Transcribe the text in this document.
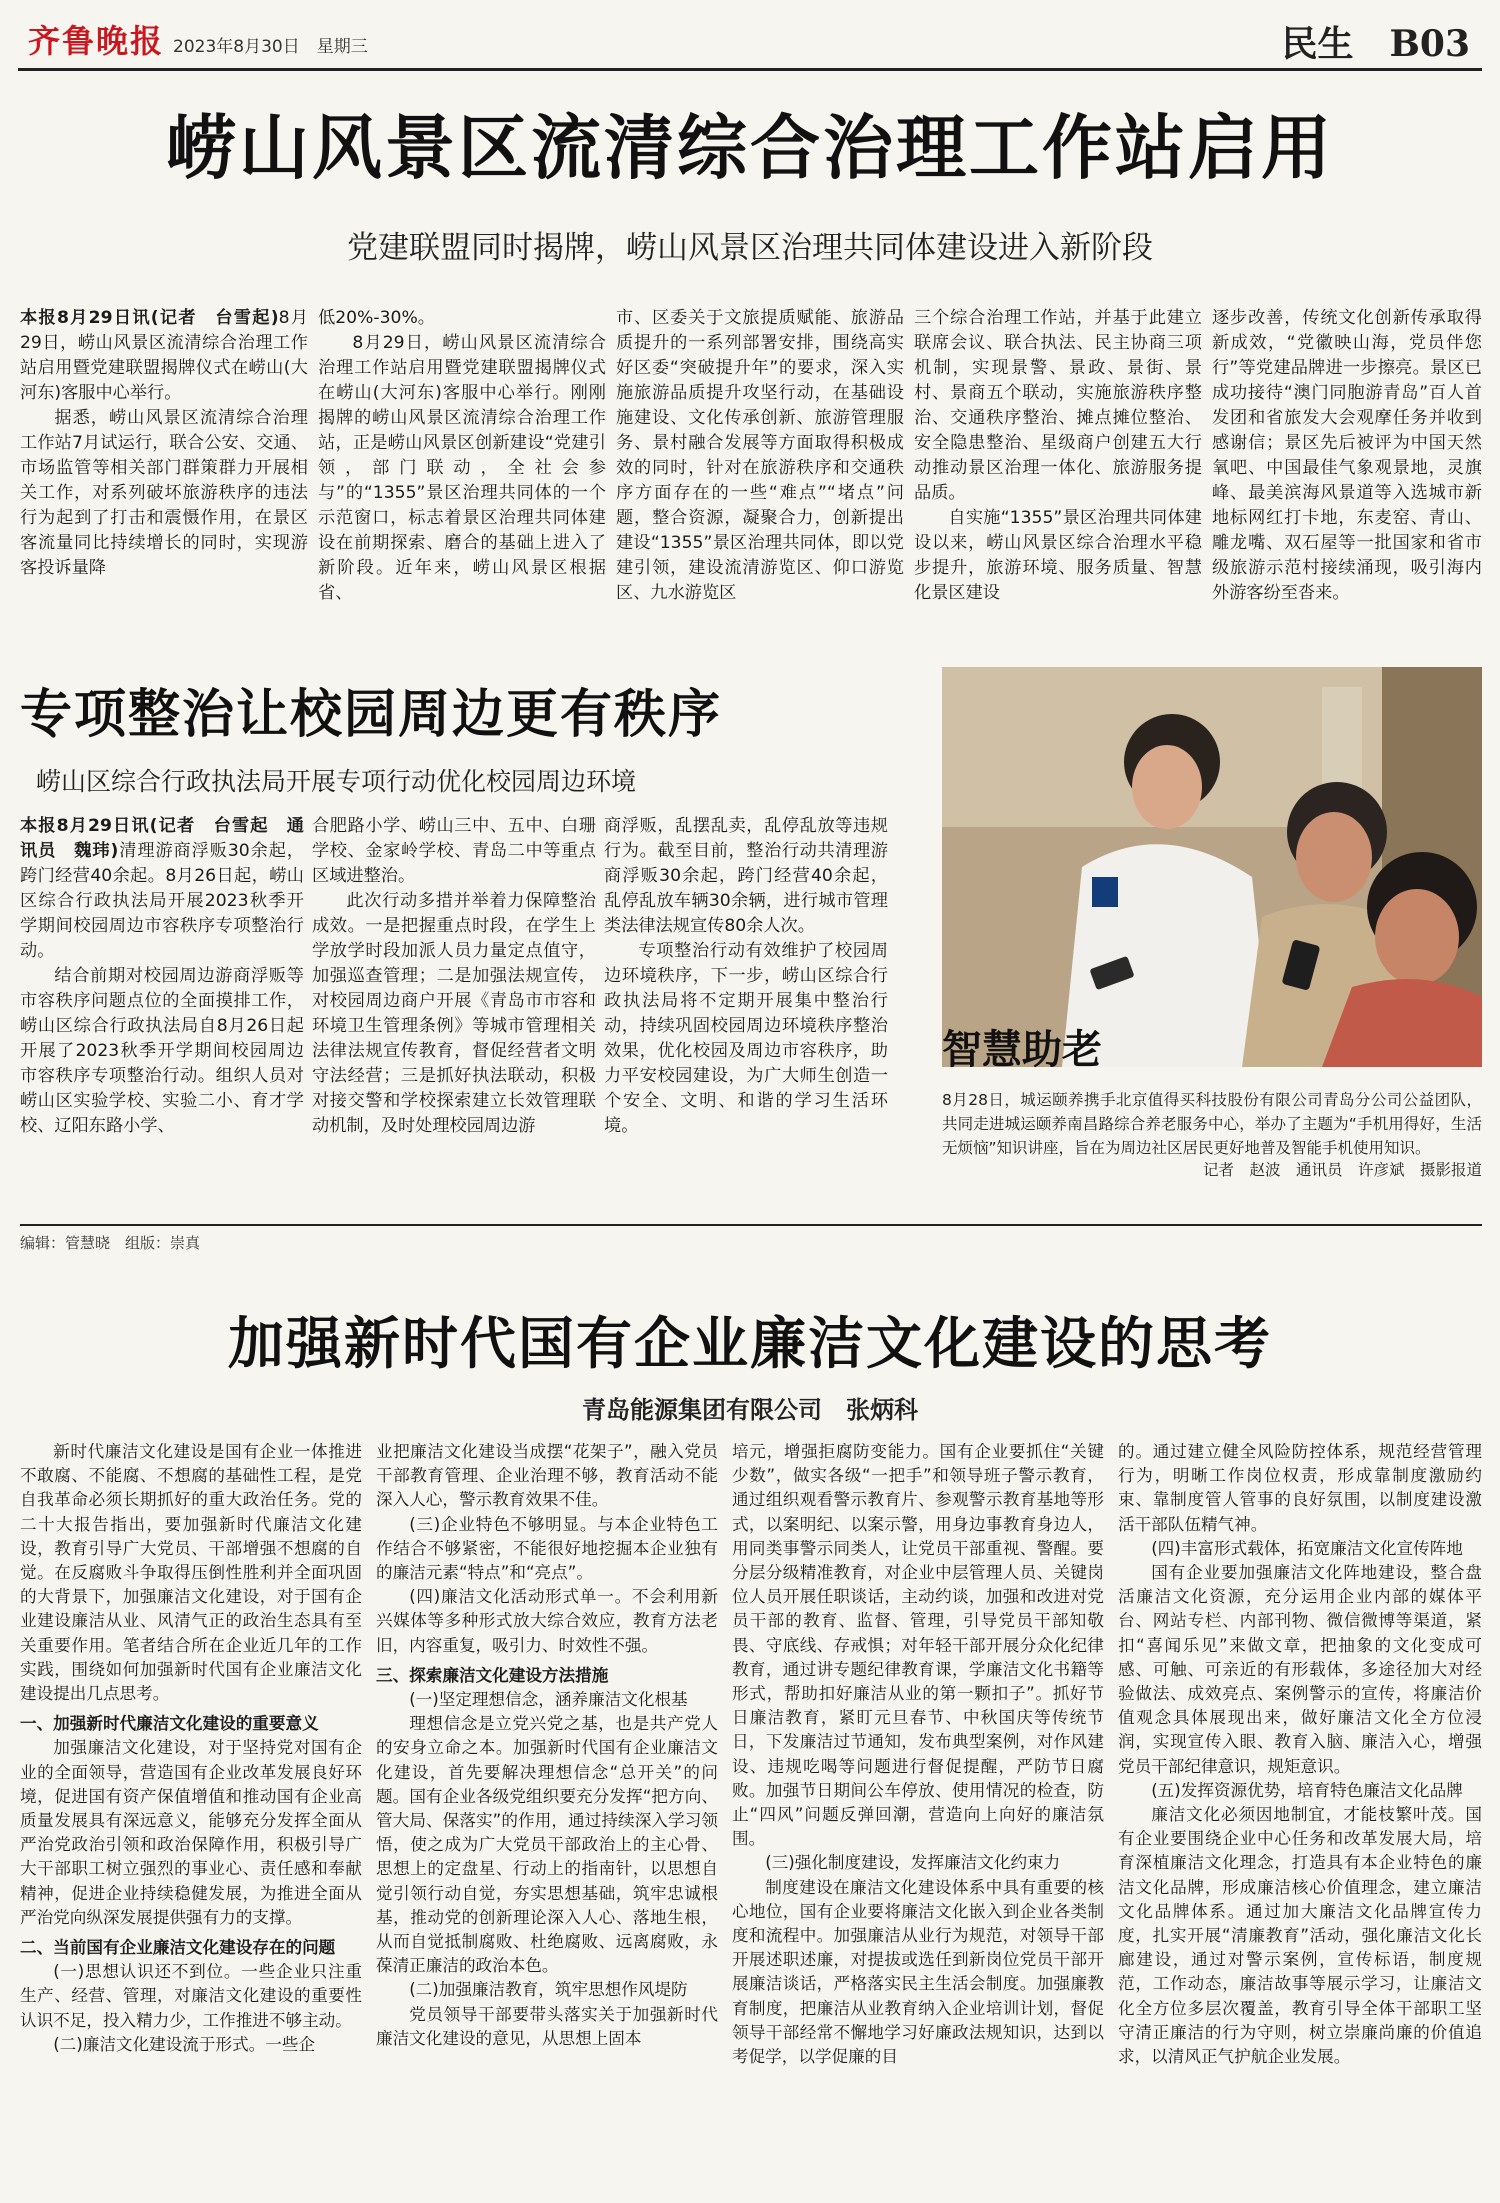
齐鲁晚报 2023年8月30日　星期三	民生　B03
崂山风景区流清综合治理工作站启用
党建联盟同时揭牌，崂山风景区治理共同体建设进入新阶段

本报8月29日讯(记者　台雪起)8月29日，崂山风景区流清综合治理工作站启用暨党建联盟揭牌仪式在崂山(大河东)客服中心举行。

据悉，崂山风景区流清综合治理工作站7月试运行，联合公安、交通、市场监管等相关部门群策群力开展相关工作，对系列破坏旅游秩序的违法行为起到了打击和震慑作用，在景区客流量同比持续增长的同时，实现游客投诉量降

低20%-30%。

8月29日，崂山风景区流清综合治理工作站启用暨党建联盟揭牌仪式在崂山(大河东)客服中心举行。刚刚揭牌的崂山风景区流清综合治理工作站，正是崂山风景区创新建设“党建引领，部门联动，全社会参与”的“1355”景区治理共同体的一个示范窗口，标志着景区治理共同体建设在前期探索、磨合的基础上进入了新阶段。近年来，崂山风景区根据省、

市、区委关于文旅提质赋能、旅游品质提升的一系列部署安排，围绕高实好区委“突破提升年”的要求，深入实施旅游品质提升攻坚行动，在基础设施建设、文化传承创新、旅游管理服务、景村融合发展等方面取得积极成效的同时，针对在旅游秩序和交通秩序方面存在的一些“难点”“堵点”问题，整合资源，凝聚合力，创新提出建设“1355”景区治理共同体，即以党建引领，建设流清游览区、仰口游览区、九水游览区

三个综合治理工作站，并基于此建立联席会议、联合执法、民主协商三项机制，实现景警、景政、景街、景村、景商五个联动，实施旅游秩序整治、交通秩序整治、摊点摊位整治、安全隐患整治、星级商户创建五大行动推动景区治理一体化、旅游服务提品质。

自实施“1355”景区治理共同体建设以来，崂山风景区综合治理水平稳步提升，旅游环境、服务质量、智慧化景区建设

逐步改善，传统文化创新传承取得新成效，“党徽映山海，党员伴您行”等党建品牌进一步擦亮。景区已成功接待“澳门同胞游青岛”百人首发团和省旅发大会观摩任务并收到感谢信；景区先后被评为中国天然氧吧、中国最佳气象观景地，灵旗峰、最美滨海风景道等入选城市新地标网红打卡地，东麦窑、青山、雕龙嘴、双石屋等一批国家和省市级旅游示范村接续涌现，吸引海内外游客纷至沓来。

专项整治让校园周边更有秩序
崂山区综合行政执法局开展专项行动优化校园周边环境

本报8月29日讯(记者　台雪起　通讯员　魏玮)清理游商浮贩30余起，跨门经营40余起。8月26日起，崂山区综合行政执法局开展2023秋季开学期间校园周边市容秩序专项整治行动。

结合前期对校园周边游商浮贩等市容秩序问题点位的全面摸排工作，崂山区综合行政执法局自8月26日起开展了2023秋季开学期间校园周边市容秩序专项整治行动。组织人员对崂山区实验学校、实验二小、育才学校、辽阳东路小学、

合肥路小学、崂山三中、五中、白珊学校、金家岭学校、青岛二中等重点区域进整治。

此次行动多措并举着力保障整治成效。一是把握重点时段，在学生上学放学时段加派人员力量定点值守，加强巡查管理；二是加强法规宣传，对校园周边商户开展《青岛市市容和环境卫生管理条例》等城市管理相关法律法规宣传教育，督促经营者文明守法经营；三是抓好执法联动，积极对接交警和学校探索建立长效管理联动机制，及时处理校园周边游

商浮贩，乱摆乱卖，乱停乱放等违规行为。截至目前，整治行动共清理游商浮贩30余起，跨门经营40余起，乱停乱放车辆30余辆，进行城市管理类法律法规宣传80余人次。

专项整治行动有效维护了校园周边环境秩序，下一步，崂山区综合行政执法局将不定期开展集中整治行动，持续巩固校园周边环境秩序整治效果，优化校园及周边市容秩序，助力平安校园建设，为广大师生创造一个安全、文明、和谐的学习生活环境。

智慧助老
8月28日，城运颐养携手北京值得买科技股份有限公司青岛分公司公益团队，共同走进城运颐养南昌路综合养老服务中心，举办了主题为“手机用得好，生活无烦恼”知识讲座，旨在为周边社区居民更好地普及智能手机使用知识。
记者　赵波　通讯员　许彦斌　摄影报道
编辑：管慧晓　组版：崇真
加强新时代国有企业廉洁文化建设的思考
青岛能源集团有限公司　张炳科

新时代廉洁文化建设是国有企业一体推进不敢腐、不能腐、不想腐的基础性工程，是党自我革命必须长期抓好的重大政治任务。党的二十大报告指出，要加强新时代廉洁文化建设，教育引导广大党员、干部增强不想腐的自觉。在反腐败斗争取得压倒性胜利并全面巩固的大背景下，加强廉洁文化建设，对于国有企业建设廉洁从业、风清气正的政治生态具有至关重要作用。笔者结合所在企业近几年的工作实践，围绕如何加强新时代国有企业廉洁文化建设提出几点思考。

一、加强新时代廉洁文化建设的重要意义

加强廉洁文化建设，对于坚持党对国有企业的全面领导，营造国有企业改革发展良好环境，促进国有资产保值增值和推动国有企业高质量发展具有深远意义，能够充分发挥全面从严治党政治引领和政治保障作用，积极引导广大干部职工树立强烈的事业心、责任感和奉献精神，促进企业持续稳健发展，为推进全面从严治党向纵深发展提供强有力的支撑。

二、当前国有企业廉洁文化建设存在的问题

(一)思想认识还不到位。一些企业只注重生产、经营、管理，对廉洁文化建设的重要性认识不足，投入精力少，工作推进不够主动。

(二)廉洁文化建设流于形式。一些企

业把廉洁文化建设当成摆“花架子”，融入党员干部教育管理、企业治理不够，教育活动不能深入人心，警示教育效果不佳。

(三)企业特色不够明显。与本企业特色工作结合不够紧密，不能很好地挖掘本企业独有的廉洁元素“特点”和“亮点”。

(四)廉洁文化活动形式单一。不会利用新兴媒体等多种形式放大综合效应，教育方法老旧，内容重复，吸引力、时效性不强。

三、探索廉洁文化建设方法措施

(一)坚定理想信念，涵养廉洁文化根基

理想信念是立党兴党之基，也是共产党人的安身立命之本。加强新时代国有企业廉洁文化建设，首先要解决理想信念“总开关”的问题。国有企业各级党组织要充分发挥“把方向、管大局、保落实”的作用，通过持续深入学习领悟，使之成为广大党员干部政治上的主心骨、思想上的定盘星、行动上的指南针，以思想自觉引领行动自觉，夯实思想基础，筑牢忠诚根基，推动党的创新理论深入人心、落地生根，从而自觉抵制腐败、杜绝腐败、远离腐败，永葆清正廉洁的政治本色。

(二)加强廉洁教育，筑牢思想作风堤防

党员领导干部要带头落实关于加强新时代廉洁文化建设的意见，从思想上固本

培元，增强拒腐防变能力。国有企业要抓住“关键少数”，做实各级“一把手”和领导班子警示教育，通过组织观看警示教育片、参观警示教育基地等形式，以案明纪、以案示警，用身边事教育身边人，用同类事警示同类人，让党员干部重视、警醒。要分层分级精准教育，对企业中层管理人员、关键岗位人员开展任职谈话，主动约谈，加强和改进对党员干部的教育、监督、管理，引导党员干部知敬畏、守底线、存戒惧；对年轻干部开展分众化纪律教育，通过讲专题纪律教育课，学廉洁文化书籍等形式，帮助扣好廉洁从业的第一颗扣子”。抓好节日廉洁教育，紧盯元旦春节、中秋国庆等传统节日，下发廉洁过节通知，发布典型案例，对作风建设、违规吃喝等问题进行督促提醒，严防节日腐败。加强节日期间公车停放、使用情况的检查，防止“四风”问题反弹回潮，营造向上向好的廉洁氛围。

(三)强化制度建设，发挥廉洁文化约束力

制度建设在廉洁文化建设体系中具有重要的核心地位，国有企业要将廉洁文化嵌入到企业各类制度和流程中。加强廉洁从业行为规范，对领导干部开展述职述廉，对提拔或选任到新岗位党员干部开展廉洁谈话，严格落实民主生活会制度。加强廉教育制度，把廉洁从业教育纳入企业培训计划，督促领导干部经常不懈地学习好廉政法规知识，达到以考促学，以学促廉的目

的。通过建立健全风险防控体系，规范经营管理行为，明晰工作岗位权责，形成靠制度激励约束、靠制度管人管事的良好氛围，以制度建设激活干部队伍精气神。

(四)丰富形式载体，拓宽廉洁文化宣传阵地

国有企业要加强廉洁文化阵地建设，整合盘活廉洁文化资源，充分运用企业内部的媒体平台、网站专栏、内部刊物、微信微博等渠道，紧扣“喜闻乐见”来做文章，把抽象的文化变成可感、可触、可亲近的有形载体，多途径加大对经验做法、成效亮点、案例警示的宣传，将廉洁价值观念具体展现出来，做好廉洁文化全方位浸润，实现宣传入眼、教育入脑、廉洁入心，增强党员干部纪律意识，规矩意识。

(五)发挥资源优势，培育特色廉洁文化品牌

廉洁文化必须因地制宜，才能枝繁叶茂。国有企业要围绕企业中心任务和改革发展大局，培育深植廉洁文化理念，打造具有本企业特色的廉洁文化品牌，形成廉洁核心价值理念，建立廉洁文化品牌体系。通过加大廉洁文化品牌宣传力度，扎实开展“清廉教育”活动，强化廉洁文化长廊建设，通过对警示案例，宣传标语，制度规范，工作动态，廉洁故事等展示学习，让廉洁文化全方位多层次覆盖，教育引导全体干部职工坚守清正廉洁的行为守则，树立崇廉尚廉的价值追求，以清风正气护航企业发展。
